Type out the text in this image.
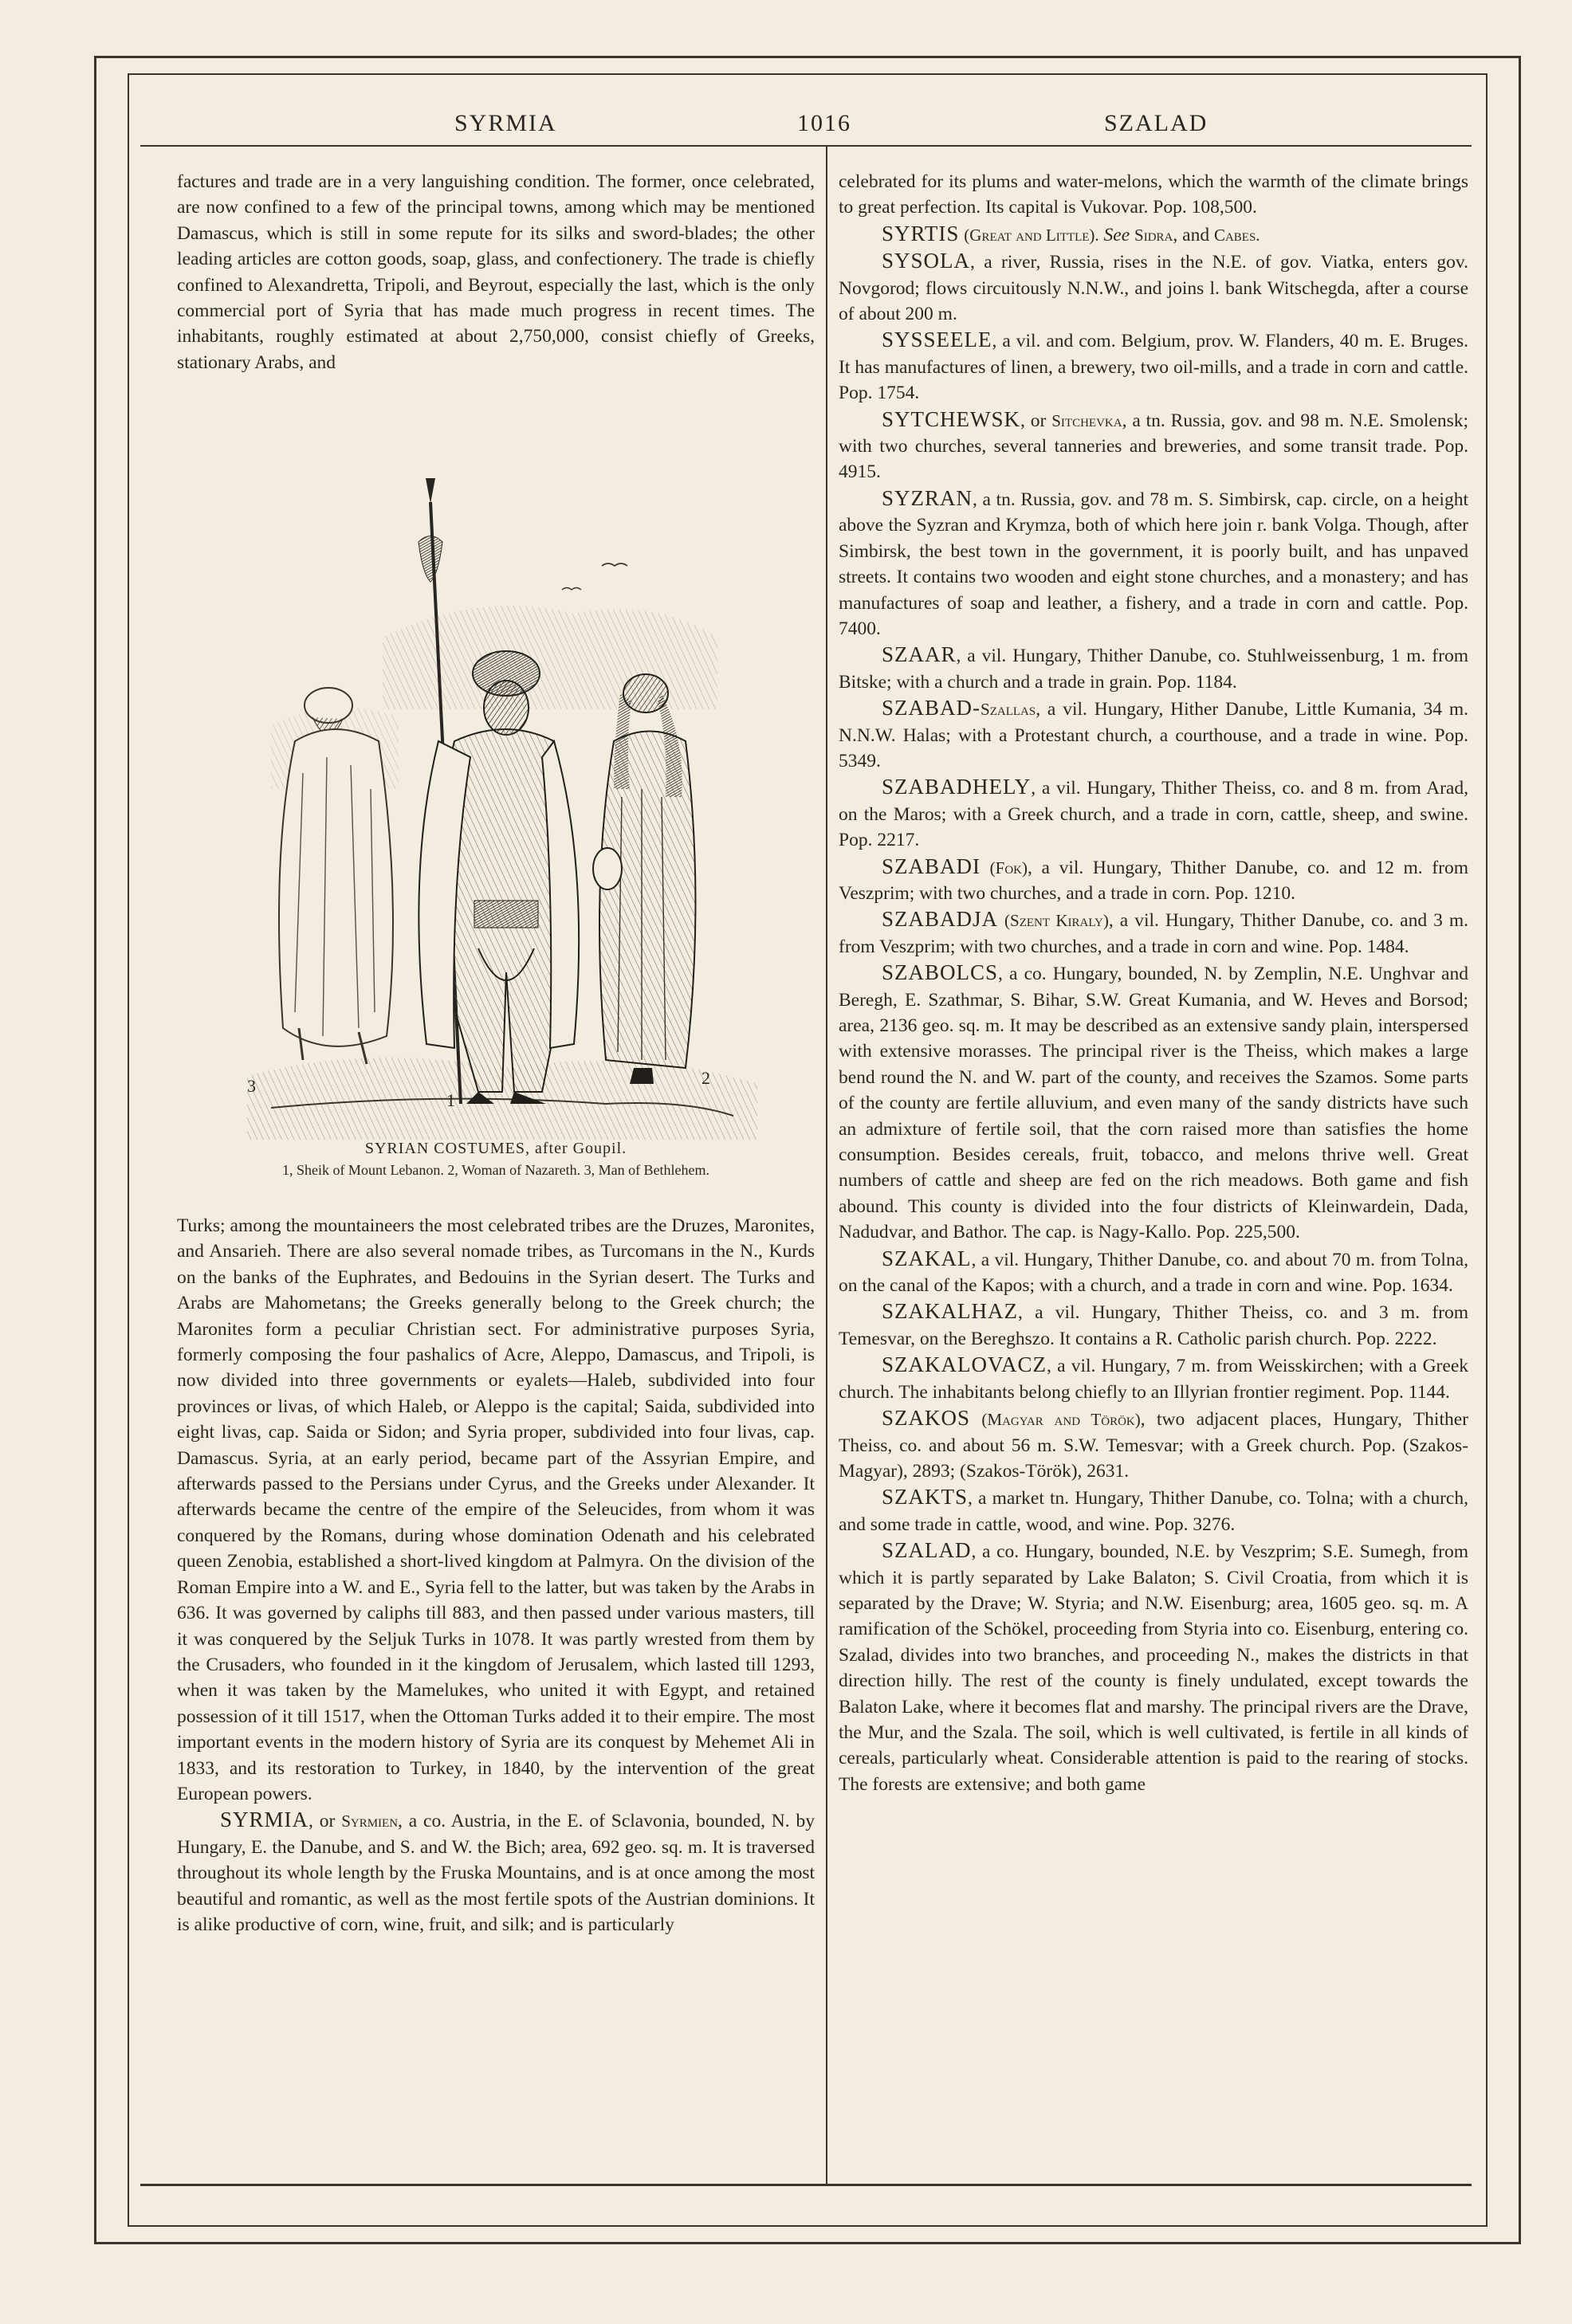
SYRMIA	1016	SZALAD

factures and trade are in a very languishing condition. The former, once celebrated, are now confined to a few of the principal towns, among which may be mentioned Damascus, which is still in some repute for its silks and sword-blades; the other leading articles are cotton goods, soap, glass, and confectionery. The trade is chiefly confined to Alexandretta, Tripoli, and Beyrout, especially the last, which is the only commercial port of Syria that has made much progress in recent times. The inhabitants, roughly estimated at about 2,750,000, consist chiefly of Greeks, stationary Arabs, and

3
1
2
SYRIAN COSTUMES, after Goupil.
1, Sheik of Mount Lebanon. 2, Woman of Nazareth. 3, Man of Bethlehem.

Turks; among the mountaineers the most celebrated tribes are the Druzes, Maronites, and Ansarieh. There are also several nomade tribes, as Turcomans in the N., Kurds on the banks of the Euphrates, and Bedouins in the Syrian desert. The Turks and Arabs are Mahometans; the Greeks generally belong to the Greek church; the Maronites form a peculiar Christian sect. For administrative purposes Syria, formerly composing the four pashalics of Acre, Aleppo, Damascus, and Tripoli, is now divided into three governments or eyalets—Haleb, subdivided into four provinces or livas, of which Haleb, or Aleppo is the capital; Saida, subdivided into eight livas, cap. Saida or Sidon; and Syria proper, subdivided into four livas, cap. Damascus. Syria, at an early period, became part of the Assyrian Empire, and afterwards passed to the Persians under Cyrus, and the Greeks under Alexander. It afterwards became the centre of the empire of the Seleucides, from whom it was conquered by the Romans, during whose domination Odenath and his celebrated queen Zenobia, established a short-lived kingdom at Palmyra. On the division of the Roman Empire into a W. and E., Syria fell to the latter, but was taken by the Arabs in 636. It was governed by caliphs till 883, and then passed under various masters, till it was conquered by the Seljuk Turks in 1078. It was partly wrested from them by the Crusaders, who founded in it the kingdom of Jerusalem, which lasted till 1293, when it was taken by the Mamelukes, who united it with Egypt, and retained possession of it till 1517, when the Ottoman Turks added it to their empire. The most important events in the modern history of Syria are its conquest by Mehemet Ali in 1833, and its restoration to Turkey, in 1840, by the intervention of the great European powers.

SYRMIA, or Syrmien, a co. Austria, in the E. of Sclavonia, bounded, N. by Hungary, E. the Danube, and S. and W. the Bich; area, 692 geo. sq. m. It is traversed throughout its whole length by the Fruska Mountains, and is at once among the most beautiful and romantic, as well as the most fertile spots of the Austrian dominions. It is alike productive of corn, wine, fruit, and silk; and is particularly

celebrated for its plums and water-melons, which the warmth of the climate brings to great perfection. Its capital is Vukovar. Pop. 108,500.

SYRTIS (Great and Little). See Sidra, and Cabes.

SYSOLA, a river, Russia, rises in the N.E. of gov. Viatka, enters gov. Novgorod; flows circuitously N.N.W., and joins l. bank Witschegda, after a course of about 200 m.

SYSSEELE, a vil. and com. Belgium, prov. W. Flanders, 40 m. E. Bruges. It has manufactures of linen, a brewery, two oil-mills, and a trade in corn and cattle. Pop. 1754.

SYTCHEWSK, or Sitchevka, a tn. Russia, gov. and 98 m. N.E. Smolensk; with two churches, several tanneries and breweries, and some transit trade. Pop. 4915.

SYZRAN, a tn. Russia, gov. and 78 m. S. Simbirsk, cap. circle, on a height above the Syzran and Krymza, both of which here join r. bank Volga. Though, after Simbirsk, the best town in the government, it is poorly built, and has unpaved streets. It contains two wooden and eight stone churches, and a monastery; and has manufactures of soap and leather, a fishery, and a trade in corn and cattle. Pop. 7400.

SZAAR, a vil. Hungary, Thither Danube, co. Stuhlweissenburg, 1 m. from Bitske; with a church and a trade in grain. Pop. 1184.

SZABAD-Szallas, a vil. Hungary, Hither Danube, Little Kumania, 34 m. N.N.W. Halas; with a Protestant church, a courthouse, and a trade in wine. Pop. 5349.

SZABADHELY, a vil. Hungary, Thither Theiss, co. and 8 m. from Arad, on the Maros; with a Greek church, and a trade in corn, cattle, sheep, and swine. Pop. 2217.

SZABADI (Fok), a vil. Hungary, Thither Danube, co. and 12 m. from Veszprim; with two churches, and a trade in corn. Pop. 1210.

SZABADJA (Szent Kiraly), a vil. Hungary, Thither Danube, co. and 3 m. from Veszprim; with two churches, and a trade in corn and wine. Pop. 1484.

SZABOLCS, a co. Hungary, bounded, N. by Zemplin, N.E. Unghvar and Beregh, E. Szathmar, S. Bihar, S.W. Great Kumania, and W. Heves and Borsod; area, 2136 geo. sq. m. It may be described as an extensive sandy plain, interspersed with extensive morasses. The principal river is the Theiss, which makes a large bend round the N. and W. part of the county, and receives the Szamos. Some parts of the county are fertile alluvium, and even many of the sandy districts have such an admixture of fertile soil, that the corn raised more than satisfies the home consumption. Besides cereals, fruit, tobacco, and melons thrive well. Great numbers of cattle and sheep are fed on the rich meadows. Both game and fish abound. This county is divided into the four districts of Kleinwardein, Dada, Nadudvar, and Bathor. The cap. is Nagy-Kallo. Pop. 225,500.

SZAKAL, a vil. Hungary, Thither Danube, co. and about 70 m. from Tolna, on the canal of the Kapos; with a church, and a trade in corn and wine. Pop. 1634.

SZAKALHAZ, a vil. Hungary, Thither Theiss, co. and 3 m. from Temesvar, on the Bereghszo. It contains a R. Catholic parish church. Pop. 2222.

SZAKALOVACZ, a vil. Hungary, 7 m. from Weisskirchen; with a Greek church. The inhabitants belong chiefly to an Illyrian frontier regiment. Pop. 1144.

SZAKOS (Magyar and Török), two adjacent places, Hungary, Thither Theiss, co. and about 56 m. S.W. Temesvar; with a Greek church. Pop. (Szakos-Magyar), 2893; (Szakos-Török), 2631.

SZAKTS, a market tn. Hungary, Thither Danube, co. Tolna; with a church, and some trade in cattle, wood, and wine. Pop. 3276.

SZALAD, a co. Hungary, bounded, N.E. by Veszprim; S.E. Sumegh, from which it is partly separated by Lake Balaton; S. Civil Croatia, from which it is separated by the Drave; W. Styria; and N.W. Eisenburg; area, 1605 geo. sq. m. A ramification of the Schökel, proceeding from Styria into co. Eisenburg, entering co. Szalad, divides into two branches, and proceeding N., makes the districts in that direction hilly. The rest of the county is finely undulated, except towards the Balaton Lake, where it becomes flat and marshy. The principal rivers are the Drave, the Mur, and the Szala. The soil, which is well cultivated, is fertile in all kinds of cereals, particularly wheat. Considerable attention is paid to the rearing of stocks. The forests are extensive; and both game
